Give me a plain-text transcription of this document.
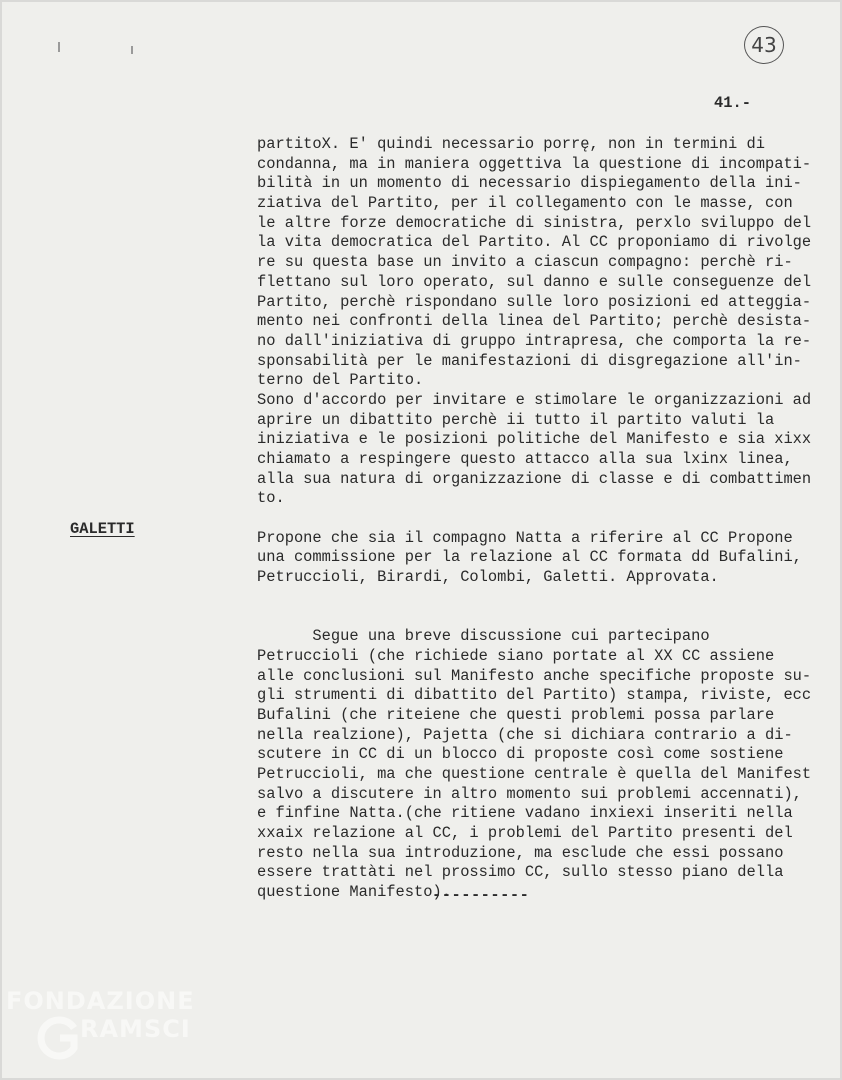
43
41.-
partitoX. E' quindi necessario porrę, non in termini di
condanna, ma in maniera oggettiva la questione di incompati-
bilità in un momento di necessario dispiegamento della ini-
ziativa del Partito, per il collegamento con le masse, con
le altre forze democratiche di sinistra, perxlo sviluppo del
la vita democratica del Partito. Al CC proponiamo di rivolge
re su questa base un invito a ciascun compagno: perchè ri-
flettano sul loro operato, sul danno e sulle conseguenze del
Partito, perchè rispondano sulle loro posizioni ed atteggia-
mento nei confronti della linea del Partito; perchè desista-
no dall'iniziativa di gruppo intrapresa, che comporta la re-
sponsabilità per le manifestazioni di disgregazione all'in-
terno del Partito.
Sono d'accordo per invitare e stimolare le organizzazioni ad
aprire un dibattito perchè ii tutto il partito valuti la
iniziativa e le posizioni politiche del Manifesto e sia xixx
chiamato a respingere questo attacco alla sua lxinx linea,
alla sua natura di organizzazione di classe e di combattimen
to.
Propone che sia il compagno Natta a riferire al CC Propone
una commissione per la relazione al CC formata dd Bufalini,
Petruccioli, Birardi, Colombi, Galetti. Approvata.
Segue una breve discussione cui partecipano
Petruccioli (che richiede siano portate al XX CC assiene
alle conclusioni sul Manifesto anche specifiche proposte su-
gli strumenti di dibattito del Partito) stampa, riviste, ecc
Bufalini (che riteiene che questi problemi possa parlare
nella realzione), Pajetta (che si dichiara contrario a di-
scutere in CC di un blocco di proposte così come sostiene
Petruccioli, ma che questione centrale è quella del Manifest
salvo a discutere in altro momento sui problemi accennati),
e finfine Natta.(che ritiene vadano inxiexi inseriti nella
xxaix relazione al CC, i problemi del Partito presenti del
resto nella sua introduzione, ma esclude che essi possano
essere trattàti nel prossimo CC, sullo stesso piano della
questione Manifesto).
GALETTI
----------
FONDAZIONE
RAMSCI
